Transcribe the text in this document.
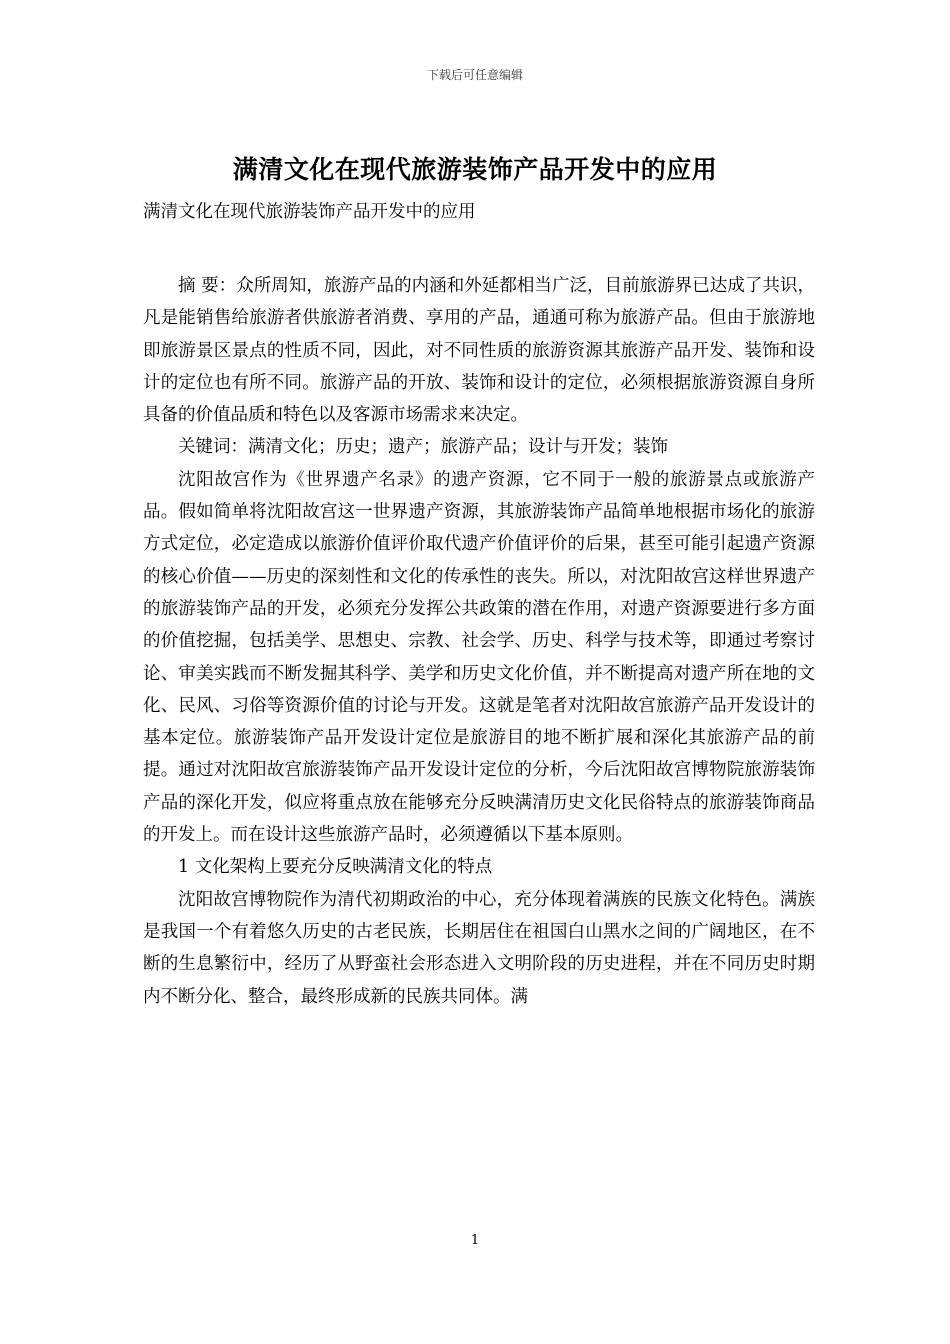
下载后可任意编辑
满清文化在现代旅游装饰产品开发中的应用
满清文化在现代旅游装饰产品开发中的应用

摘 要：众所周知，旅游产品的内涵和外延都相当广泛，目前旅游界已达成了共识，凡是能销售给旅游者供旅游者消费、享用的产品，通通可称为旅游产品。但由于旅游地即旅游景区景点的性质不同，因此，对不同性质的旅游资源其旅游产品开发、装饰和设计的定位也有所不同。旅游产品的开放、装饰和设计的定位，必须根据旅游资源自身所具备的价值品质和特色以及客源市场需求来决定。

关键词：满清文化；历史；遗产；旅游产品；设计与开发；装饰

沈阳故宫作为《世界遗产名录》的遗产资源，它不同于一般的旅游景点或旅游产品。假如简单将沈阳故宫这一世界遗产资源，其旅游装饰产品简单地根据市场化的旅游方式定位，必定造成以旅游价值评价取代遗产价值评价的后果，甚至可能引起遗产资源的核心价值——历史的深刻性和文化的传承性的丧失。所以，对沈阳故宫这样世界遗产的旅游装饰产品的开发，必须充分发挥公共政策的潜在作用，对遗产资源要进行多方面的价值挖掘，包括美学、思想史、宗教、社会学、历史、科学与技术等，即通过考察讨论、审美实践而不断发掘其科学、美学和历史文化价值，并不断提高对遗产所在地的文化、民风、习俗等资源价值的讨论与开发。这就是笔者对沈阳故宫旅游产品开发设计的基本定位。旅游装饰产品开发设计定位是旅游目的地不断扩展和深化其旅游产品的前提。通过对沈阳故宫旅游装饰产品开发设计定位的分析，今后沈阳故宫博物院旅游装饰产品的深化开发，似应将重点放在能够充分反映满清历史文化民俗特点的旅游装饰商品的开发上。而在设计这些旅游产品时，必须遵循以下基本原则。

1 文化架构上要充分反映满清文化的特点

沈阳故宫博物院作为清代初期政治的中心，充分体现着满族的民族文化特色。满族是我国一个有着悠久历史的古老民族，长期居住在祖国白山黑水之间的广阔地区，在不断的生息繁衍中，经历了从野蛮社会形态进入文明阶段的历史进程，并在不同历史时期内不断分化、整合，最终形成新的民族共同体。满

1
